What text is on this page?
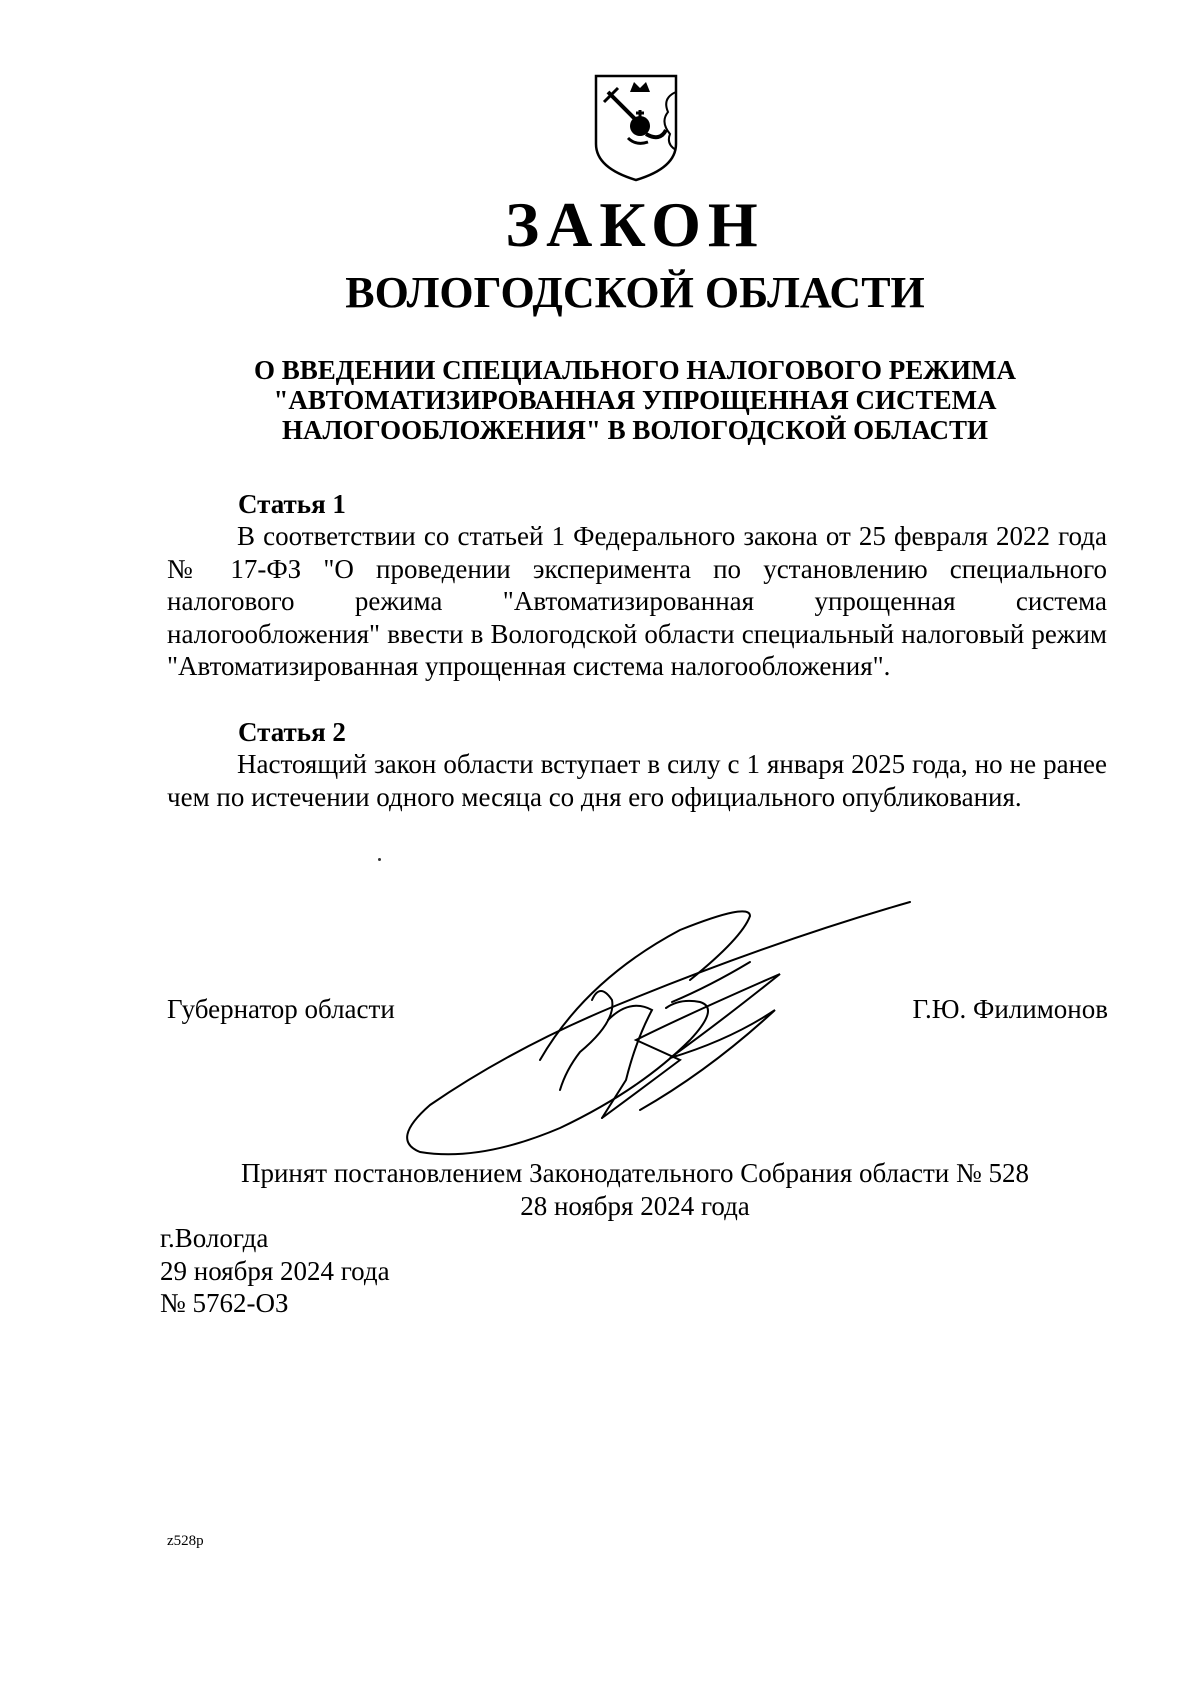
ЗАКОН
ВОЛОГОДСКОЙ ОБЛАСТИ
О ВВЕДЕНИИ СПЕЦИАЛЬНОГО НАЛОГОВОГО РЕЖИМА
"АВТОМАТИЗИРОВАННАЯ УПРОЩЕННАЯ СИСТЕМА
НАЛОГООБЛОЖЕНИЯ" В ВОЛОГОДСКОЙ ОБЛАСТИ
Статья 1
В соответствии со статьей 1 Федерального закона от 25 февраля 2022 года № 17-ФЗ "О проведении эксперимента по установлению специального налогового режима "Автоматизированная упрощенная система налогообложения" ввести в Вологодской области специальный налоговый режим "Автоматизированная упрощенная система налогообложения".
Статья 2
Настоящий закон области вступает в силу с 1 января 2025 года, но не ранее чем по истечении одного месяца со дня его официального опубликования.
Губернатор области	Г.Ю. Филимонов
Принят постановлением Законодательного Собрания области № 528
28 ноября 2024 года
г.Вологда
29 ноября 2024 года
№ 5762-ОЗ
z528p
